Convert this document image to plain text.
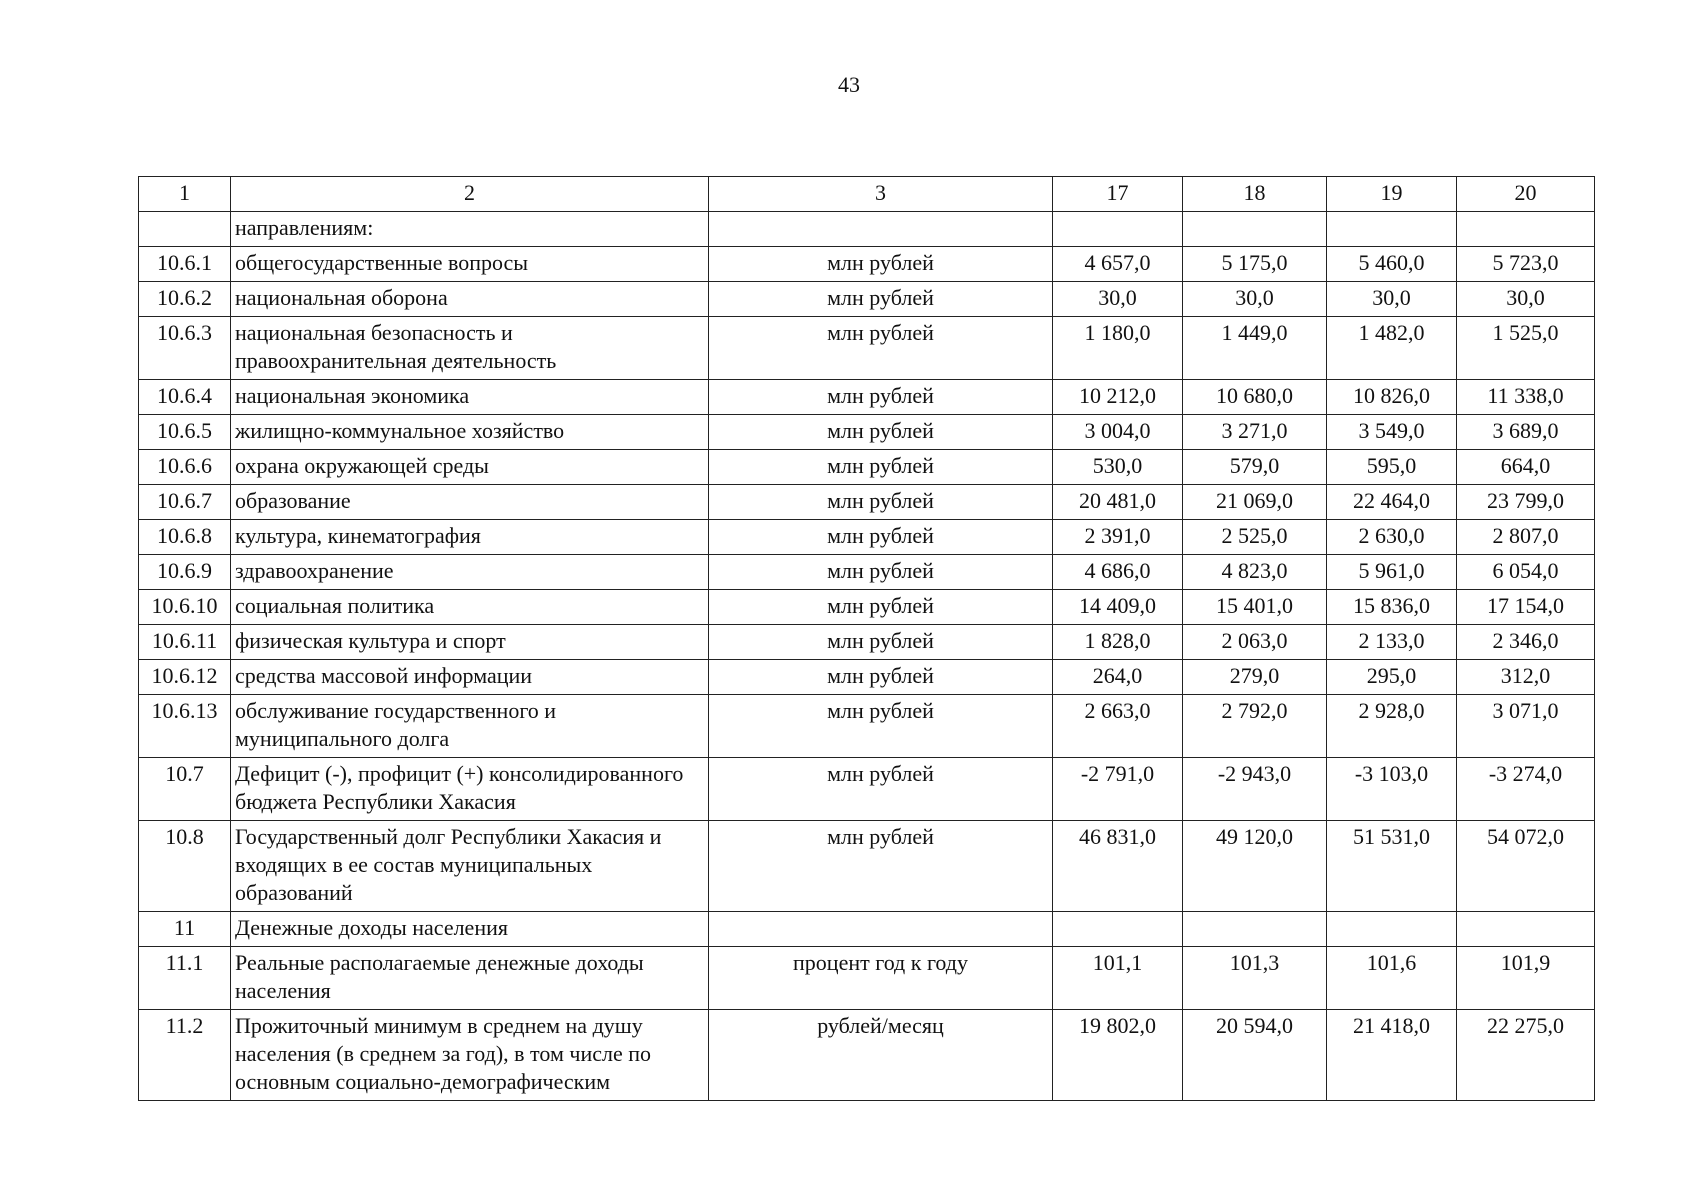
43
1	2	3	17	18	19	20
	направлениям:					
10.6.1	общегосударственные вопросы	млн рублей	4 657,0	5 175,0	5 460,0	5 723,0
10.6.2	национальная оборона	млн рублей	30,0	30,0	30,0	30,0
10.6.3	национальная безопасность и правоохранительная деятельность	млн рублей	1 180,0	1 449,0	1 482,0	1 525,0
10.6.4	национальная экономика	млн рублей	10 212,0	10 680,0	10 826,0	11 338,0
10.6.5	жилищно-коммунальное хозяйство	млн рублей	3 004,0	3 271,0	3 549,0	3 689,0
10.6.6	охрана окружающей среды	млн рублей	530,0	579,0	595,0	664,0
10.6.7	образование	млн рублей	20 481,0	21 069,0	22 464,0	23 799,0
10.6.8	культура, кинематография	млн рублей	2 391,0	2 525,0	2 630,0	2 807,0
10.6.9	здравоохранение	млн рублей	4 686,0	4 823,0	5 961,0	6 054,0
10.6.10	социальная политика	млн рублей	14 409,0	15 401,0	15 836,0	17 154,0
10.6.11	физическая культура и спорт	млн рублей	1 828,0	2 063,0	2 133,0	2 346,0
10.6.12	средства массовой информации	млн рублей	264,0	279,0	295,0	312,0
10.6.13	обслуживание государственного и муниципального долга	млн рублей	2 663,0	2 792,0	2 928,0	3 071,0
10.7	Дефицит (-), профицит (+) консолидированного бюджета Республики Хакасия	млн рублей	-2 791,0	-2 943,0	-3 103,0	-3 274,0
10.8	Государственный долг Республики Хакасия и входящих в ее состав муниципальных образований	млн рублей	46 831,0	49 120,0	51 531,0	54 072,0
11	Денежные доходы населения					
11.1	Реальные располагаемые денежные доходы населения	процент год к году	101,1	101,3	101,6	101,9
11.2	Прожиточный минимум в среднем на душу населения (в среднем за год), в том числе по основным социально-демографическим	рублей/месяц	19 802,0	20 594,0	21 418,0	22 275,0
